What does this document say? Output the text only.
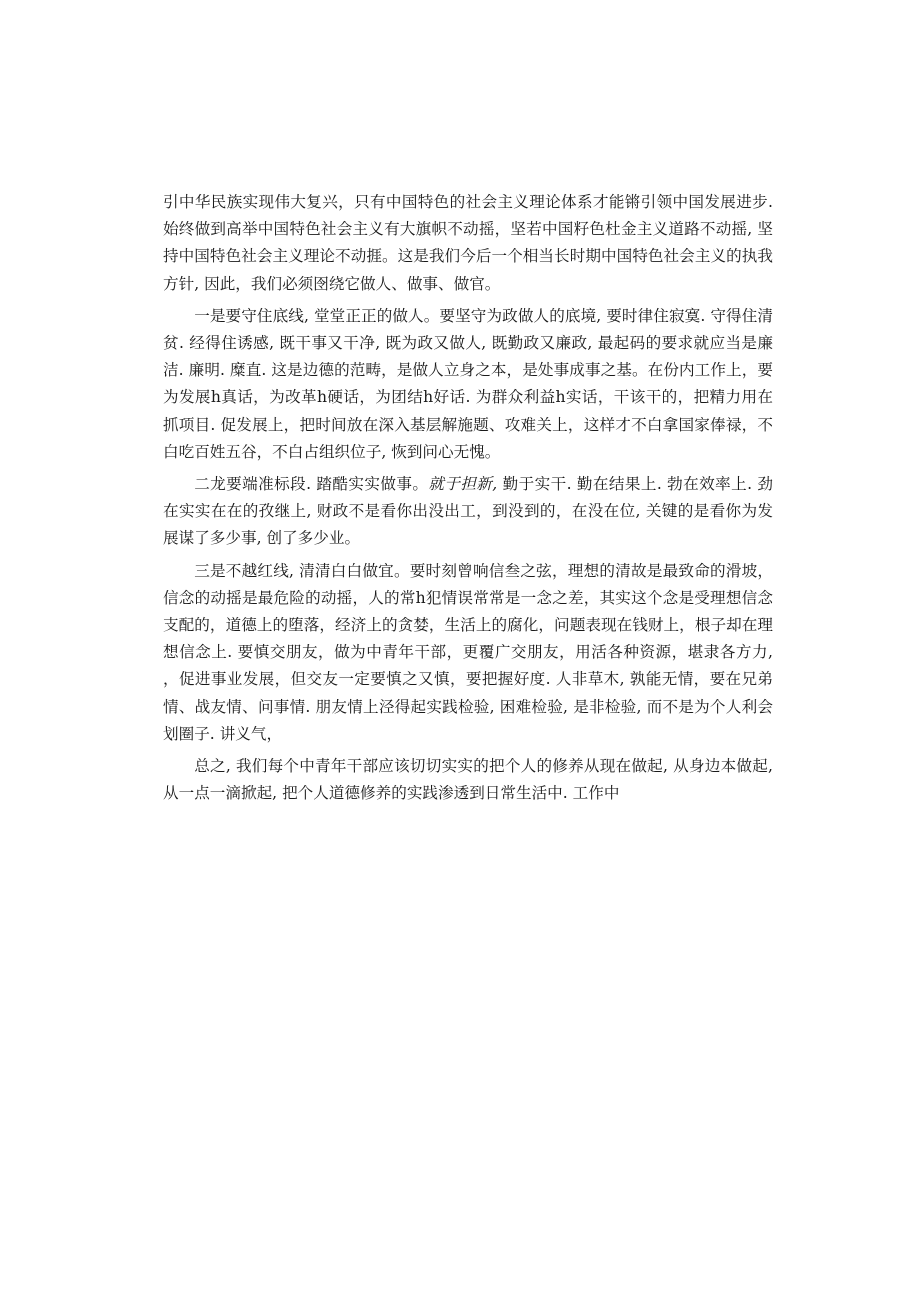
引中华民族实现伟大复兴，只有中国特色的社会主义理论体系才能锵引领中国发展进步.始终做到高举中国特色社会主义有大旗帜不动摇，坚若中国籽色杜金主义道路不动摇, 坚持中国特色社会主义理论不动捱。这是我们今后一个相当长时期中国特色社会主义的执我方针, 因此，我们必须囹绕它做人、做事、做官。

一是要守住底线, 堂堂正正的做人。要坚守为政做人的底境, 要时律住寂寞. 守得住清贫. 经得住诱感, 既干事又干净, 既为政又做人, 既勤政又廉政, 最起码的要求就应当是廉洁. 廉明. 糜直. 这是边德的范畴，是做人立身之本，是处事成事之基。在份内工作上，要为发展h真话，为改革h硬话，为团结h好话. 为群众利益h实话，干该干的，把精力用在抓项目. 促发展上，把时间放在深入基层解施题、攻难关上，这样才不白拿国家俸禄，不白吃百姓五谷，不白占组织位子, 恢到问心无愧。

二龙要端准标段. 踏酷实实做事。就于担新, 勤于实干. 勤在结果上. 勃在效率上. 劲在实实在在的孜继上, 财政不是看你出没出工，到没到的，在没在位, 关键的是看你为发展谋了多少事, 创了多少业。

三是不越红线, 清清白白做宜。要时刻曾响信叁之弦，理想的清故是最致命的滑坡，信念的动摇是最危险的动摇，人的常h犯情误常常是一念之差，其实这个念是受理想信念支配的，道德上的堕落，经济上的贪婪，生活上的腐化，问题表现在钱财上，根子却在理想信念上. 要慎交朋友，做为中青年干部，更覆广交朋友，用活各种资源，堪隶各方力, ，促进事业发展，但交友一定要慎之又慎，要把握好度. 人非草木, 孰能无情，要在兄弟情、战友情、问事情. 朋友情上泾得起实践检验, 困难检验, 是非检验, 而不是为个人利会划圈子. 讲义气，

总之, 我们每个中青年干部应该切切实实的把个人的修养从现在做起, 从身边本做起, 从一点一滴掀起, 把个人道德修养的实践渗透到日常生活中. 工作中
